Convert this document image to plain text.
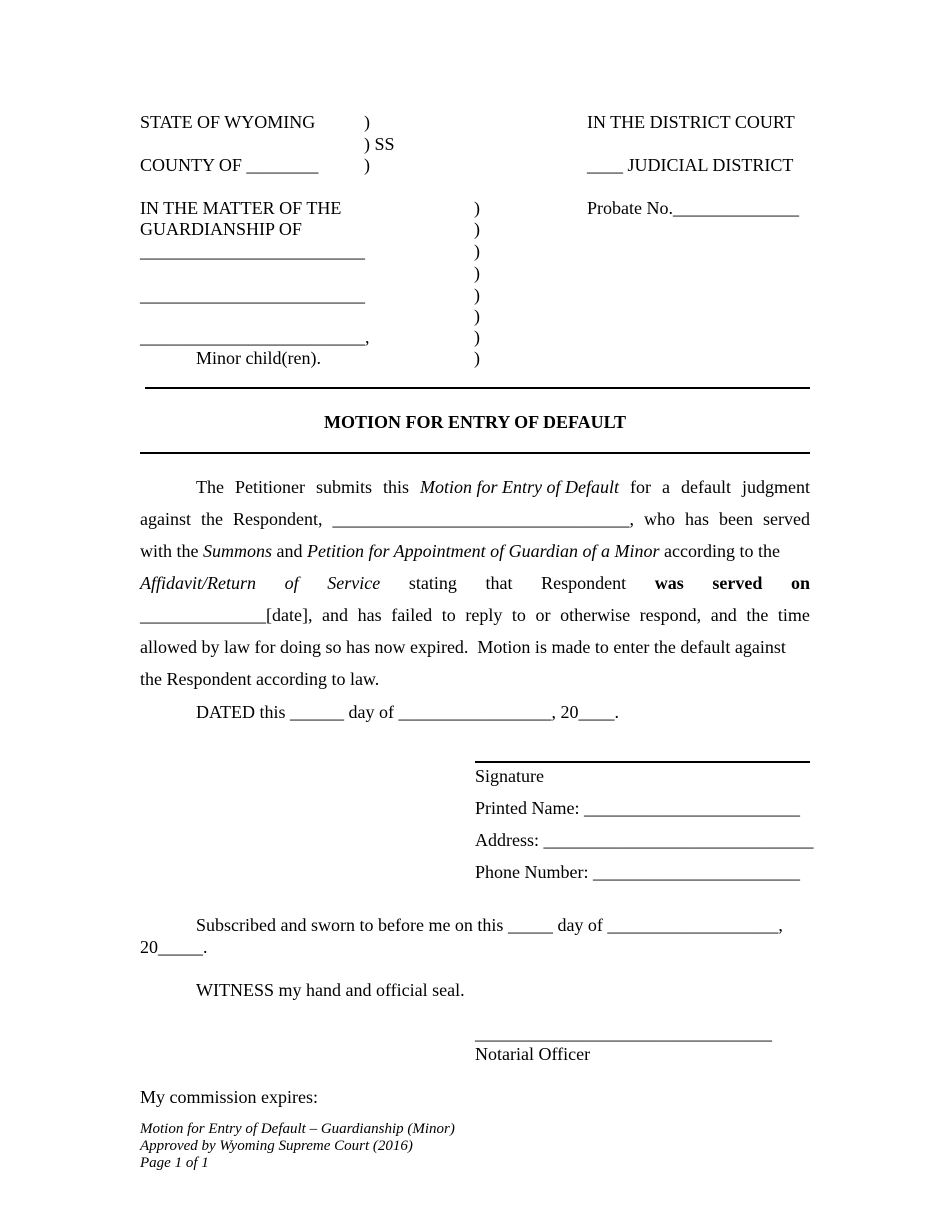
STATE OF WYOMING	)
) SS
COUNTY OF ________	)
IN THE DISTRICT COURT
____ JUDICIAL DISTRICT
Probate No.______________
IN THE MATTER OF THE
GUARDIANSHIP OF
_________________________
_________________________
_________________________,
Minor child(ren).
)
)
)
)
)
)
)
)
MOTION FOR ENTRY OF DEFAULT
The Petitioner submits this Motion for Entry of Default for a default judgment
against the Respondent, _________________________________, who has been served
with the Summons and Petition for Appointment of Guardian of a Minor according to the
Affidavit/Return of Service stating that Respondent was served on
______________[date], and has failed to reply to or otherwise respond, and the time
allowed by law for doing so has now expired.  Motion is made to enter the default against
the Respondent according to law.
DATED this ______ day of _________________, 20____.
Signature
Printed Name: ________________________
Address: ______________________________
Phone Number: _______________________
Subscribed and sworn to before me on this _____ day of ___________________,
20_____.
WITNESS my hand and official seal.
_________________________________
Notarial Officer
My commission expires:
Motion for Entry of Default – Guardianship (Minor)
Approved by Wyoming Supreme Court (2016)
Page 1 of 1
